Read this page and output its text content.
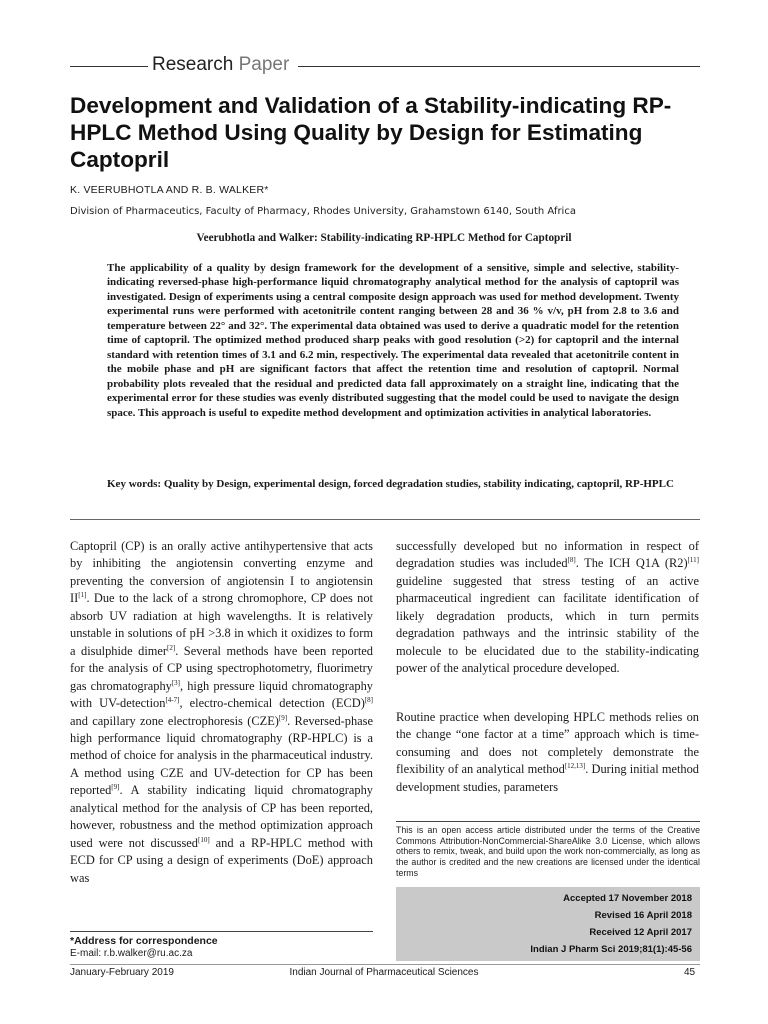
Research Paper
Development and Validation of a Stability-indicating RP-HPLC Method Using Quality by Design for Estimating Captopril
K. VEERUBHOTLA AND R. B. WALKER*
Division of Pharmaceutics, Faculty of Pharmacy, Rhodes University, Grahamstown 6140, South Africa
Veerubhotla and Walker: Stability-indicating RP-HPLC Method for Captopril
The applicability of a quality by design framework for the development of a sensitive, simple and selective, stability-indicating reversed-phase high-performance liquid chromatography analytical method for the analysis of captopril was investigated. Design of experiments using a central composite design approach was used for method development. Twenty experimental runs were performed with acetonitrile content ranging between 28 and 36 % v/v, pH from 2.8 to 3.6 and temperature between 22° and 32°. The experimental data obtained was used to derive a quadratic model for the retention time of captopril. The optimized method produced sharp peaks with good resolution (>2) for captopril and the internal standard with retention times of 3.1 and 6.2 min, respectively. The experimental data revealed that acetonitrile content in the mobile phase and pH are significant factors that affect the retention time and resolution of captopril. Normal probability plots revealed that the residual and predicted data fall approximately on a straight line, indicating that the experimental error for these studies was evenly distributed suggesting that the model could be used to navigate the design space. This approach is useful to expedite method development and optimization activities in analytical laboratories.
Key words: Quality by Design, experimental design, forced degradation studies, stability indicating, captopril, RP-HPLC
Captopril (CP) is an orally active antihypertensive that acts by inhibiting the angiotensin converting enzyme and preventing the conversion of angiotensin I to angiotensin II[1]. Due to the lack of a strong chromophore, CP does not absorb UV radiation at high wavelengths. It is relatively unstable in solutions of pH >3.8 in which it oxidizes to form a disulphide dimer[2]. Several methods have been reported for the analysis of CP using spectrophotometry, fluorimetry gas chromatography[3], high pressure liquid chromatography with UV-detection[4-7], electro-chemical detection (ECD)[8] and capillary zone electrophoresis (CZE)[9]. Reversed-phase high performance liquid chromatography (RP-HPLC) is a method of choice for analysis in the pharmaceutical industry. A method using CZE and UV-detection for CP has been reported[9]. A stability indicating liquid chromatography analytical method for the analysis of CP has been reported, however, robustness and the method optimization approach used were not discussed[10] and a RP-HPLC method with ECD for CP using a design of experiments (DoE) approach was
successfully developed but no information in respect of degradation studies was included[8]. The ICH Q1A (R2)[11] guideline suggested that stress testing of an active pharmaceutical ingredient can facilitate identification of likely degradation products, which in turn permits degradation pathways and the intrinsic stability of the molecule to be elucidated due to the stability-indicating power of the analytical procedure developed.
Routine practice when developing HPLC methods relies on the change “one factor at a time” approach which is time-consuming and does not completely demonstrate the flexibility of an analytical method[12,13]. During initial method development studies, parameters
*Address for correspondence
E-mail: r.b.walker@ru.ac.za
This is an open access article distributed under the terms of the Creative Commons Attribution-NonCommercial-ShareAlike 3.0 License, which allows others to remix, tweak, and build upon the work non-commercially, as long as the author is credited and the new creations are licensed under the identical terms
Accepted 17 November 2018
Revised 16 April 2018
Received 12 April 2017
Indian J Pharm Sci 2019;81(1):45-56
January-February 2019	Indian Journal of Pharmaceutical Sciences	45
